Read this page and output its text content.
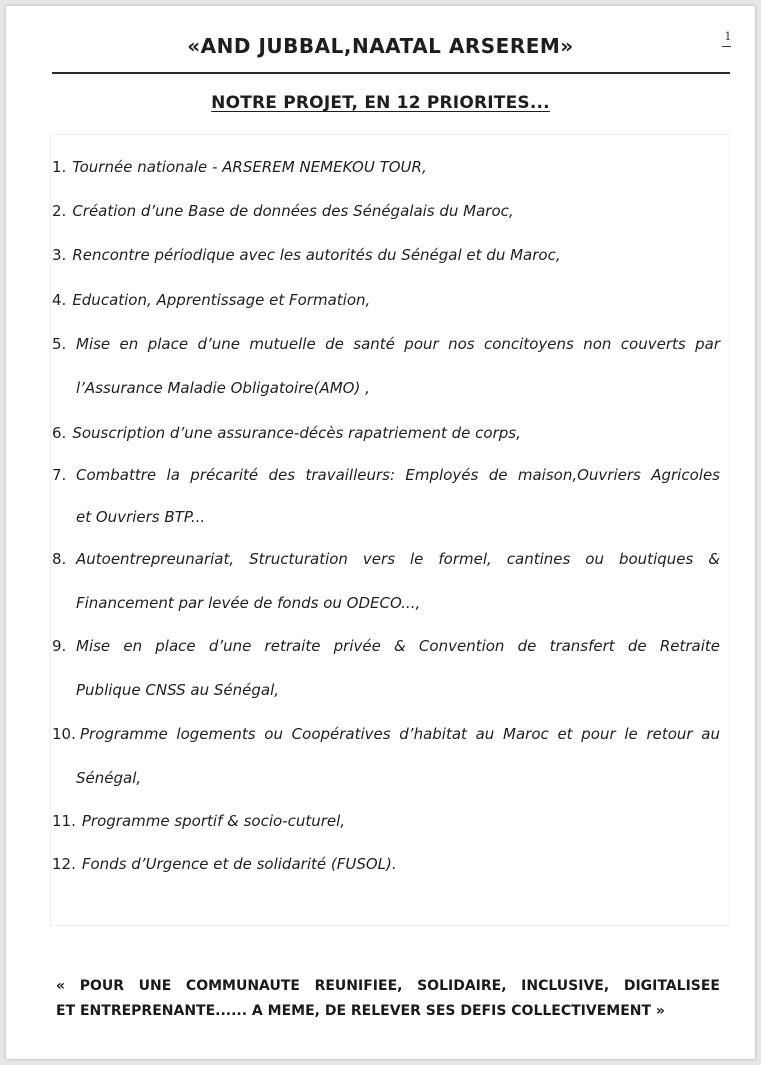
1
«AND JUBBAL,NAATAL ARSEREM»
NOTRE PROJET, EN 12 PRIORITES...
1. Tournée nationale - ARSEREM NEMEKOU TOUR,
2. Création d’une Base de données des Sénégalais du Maroc,
3. Rencontre périodique avec les autorités du Sénégal et du Maroc,
4. Education, Apprentissage et Formation,
5. Mise en place d’une mutuelle de santé pour nos concitoyens non couverts par
l’Assurance Maladie Obligatoire(AMO) ,
6. Souscription d’une assurance-décès rapatriement de corps,
7. Combattre la précarité des travailleurs: Employés de maison,Ouvriers Agricoles
et Ouvriers BTP...
8. Autoentrepreunariat, Structuration vers le formel, cantines ou boutiques &
Financement par levée de fonds ou ODECO...,
9. Mise en place d’une retraite privée & Convention de transfert de Retraite
Publique CNSS au Sénégal,
10. Programme logements ou Coopératives d’habitat au Maroc et pour le retour au
Sénégal,
11. Programme sportif & socio-cuturel,
12. Fonds d’Urgence et de solidarité (FUSOL).
« POUR UNE COMMUNAUTE REUNIFIEE, SOLIDAIRE, INCLUSIVE, DIGITALISEE
ET ENTREPRENANTE...... A MEME, DE RELEVER SES DEFIS COLLECTIVEMENT »
